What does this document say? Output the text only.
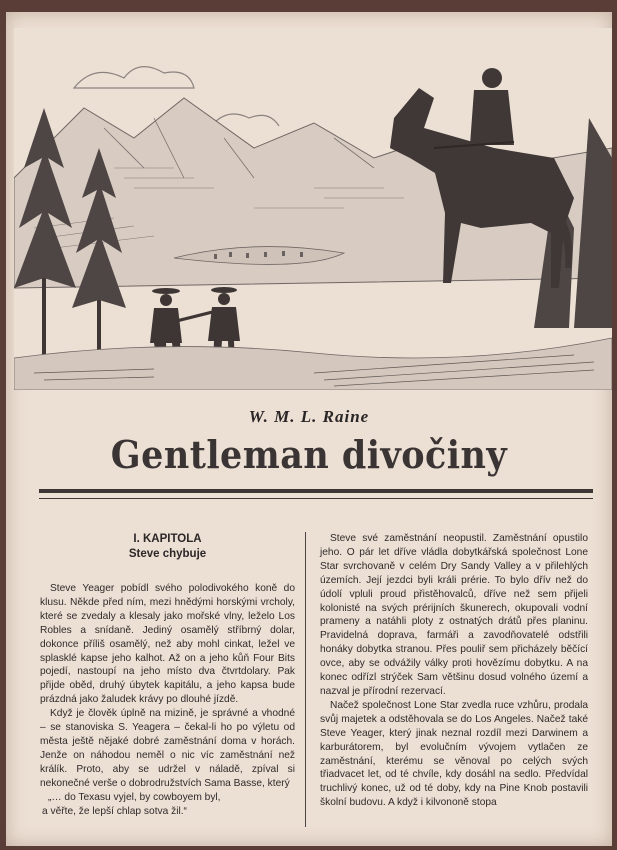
W. M. L. Raine
Gentleman divočiny
I. KAPITOLA
Steve chybuje

Steve Yeager pobídl svého polodivokého koně do klusu. Někde před ním, mezi hnědými horskými vrcholy, které se zvedaly a klesaly jako mořské vlny, leželo Los Robles a snídaně. Jediný osamělý stříbrný dolar, dokonce příliš osamělý, než aby mohl cinkat, ležel ve splasklé kapse jeho kalhot. Až on a jeho kůň Four Bits pojedí, nastoupí na jeho místo dva čtvrtdolary. Pak přijde oběd, druhý úbytek kapitálu, a jeho kapsa bude prázdná jako žaludek krávy po dlouhé jízdě.

Když je člověk úplně na mizině, je správné a vhodné – se stanoviska S. Yeagera – čekal-li ho po výletu od města ještě nějaké dobré zaměstnání doma v horách. Jenže on náhodou neměl o nic víc zaměstnání než králík. Proto, aby se udržel v náladě, zpíval si nekonečné verše o dobrodružstvích Sama Basse, který

„… do Texasu vyjel, by cowboyem byl,

a věřte, že lepší chlap sotva žil.“

Steve své zaměstnání neopustil. Zaměstnání opustilo jeho. O pár let dříve vládla dobytkářská společnost Lone Star svrchovaně v celém Dry Sandy Valley a v přilehlých územích. Její jezdci byli králi prérie. To bylo dřív než do údolí vpluli proud přistěhovalců, dříve než sem přijeli kolonisté na svých prérijních škunerech, okupovali vodní prameny a natáhli ploty z ostnatých drátů přes planinu. Pravidelná doprava, farmáři a zavodňovatelé odstřili honáky dobytka stranou. Přes pouliř sem přicházely běčící ovce, aby se odvážily války proti hovězímu dobytku. A na konec odřízl strýček Sam většinu dosud volného území a nazval je přírodní rezervací.

Načež společnost Lone Star zvedla ruce vzhůru, prodala svůj majetek a odstěhovala se do Los Angeles. Načež také Steve Yeager, který jinak neznal rozdíl mezi Darwinem a karburátorem, byl evolučním vývojem vytlačen ze zaměstnání, kterému se věnoval po celých svých třiadvacet let, od té chvíle, kdy dosáhl na sedlo. Předvídal truchlivý konec, už od té doby, kdy na Pine Knob postavili školní budovu. A když i kilvononě stopa
